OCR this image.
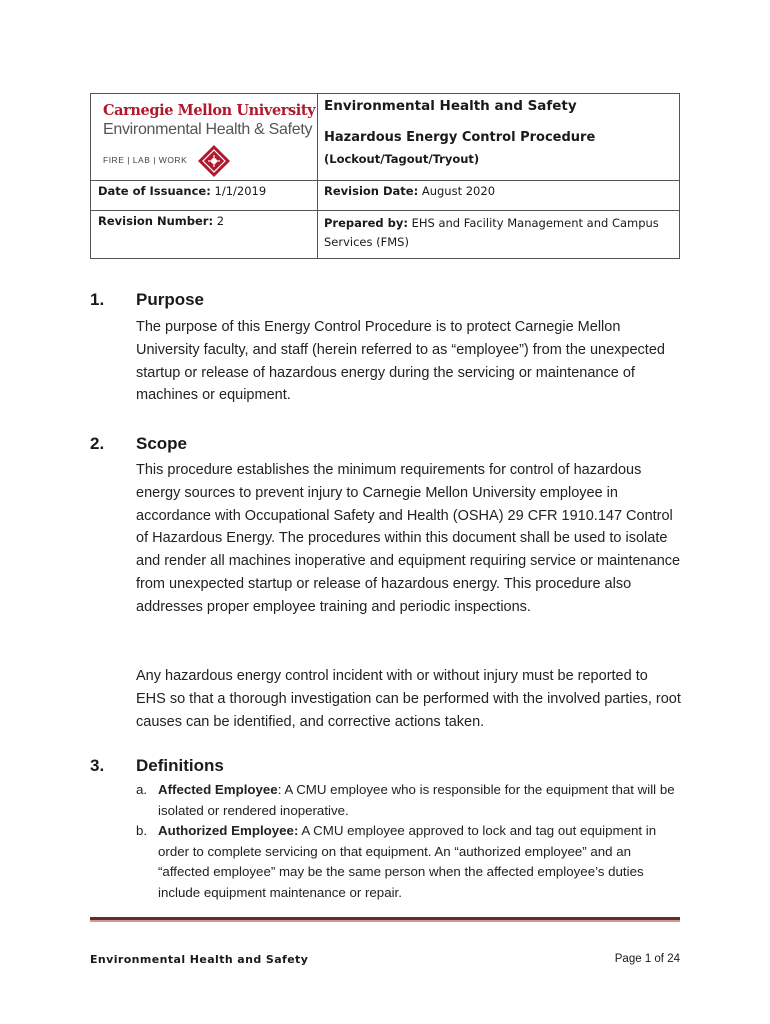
Carnegie Mellon University
Environmental Health & Safety
FIRE | LAB | WORK
Environmental Health and Safety
Hazardous Energy Control Procedure
(Lockout/Tagout/Tryout)
Date of Issuance: 1/1/2019	Revision Date: August 2020
Revision Number: 2	Prepared by: EHS and Facility Management and Campus Services (FMS)
1. Purpose
The purpose of this Energy Control Procedure is to protect Carnegie Mellon University faculty, and staff (herein referred to as “employee”) from the unexpected startup or release of hazardous energy during the servicing or maintenance of machines or equipment.
2. Scope
This procedure establishes the minimum requirements for control of hazardous energy sources to prevent injury to Carnegie Mellon University employee in accordance with Occupational Safety and Health (OSHA) 29 CFR 1910.147 Control of Hazardous Energy. The procedures within this document shall be used to isolate and render all machines inoperative and equipment requiring service or maintenance from unexpected startup or release of hazardous energy. This procedure also addresses proper employee training and periodic inspections.
Any hazardous energy control incident with or without injury must be reported to EHS so that a thorough investigation can be performed with the involved parties, root causes can be identified, and corrective actions taken.
3. Definitions
a. Affected Employee: A CMU employee who is responsible for the equipment that will be isolated or rendered inoperative.
b. Authorized Employee: A CMU employee approved to lock and tag out equipment in order to complete servicing on that equipment. An “authorized employee” and an “affected employee” may be the same person when the affected employee’s duties include equipment maintenance or repair.
Environmental Health and Safety	Page 1 of 24
